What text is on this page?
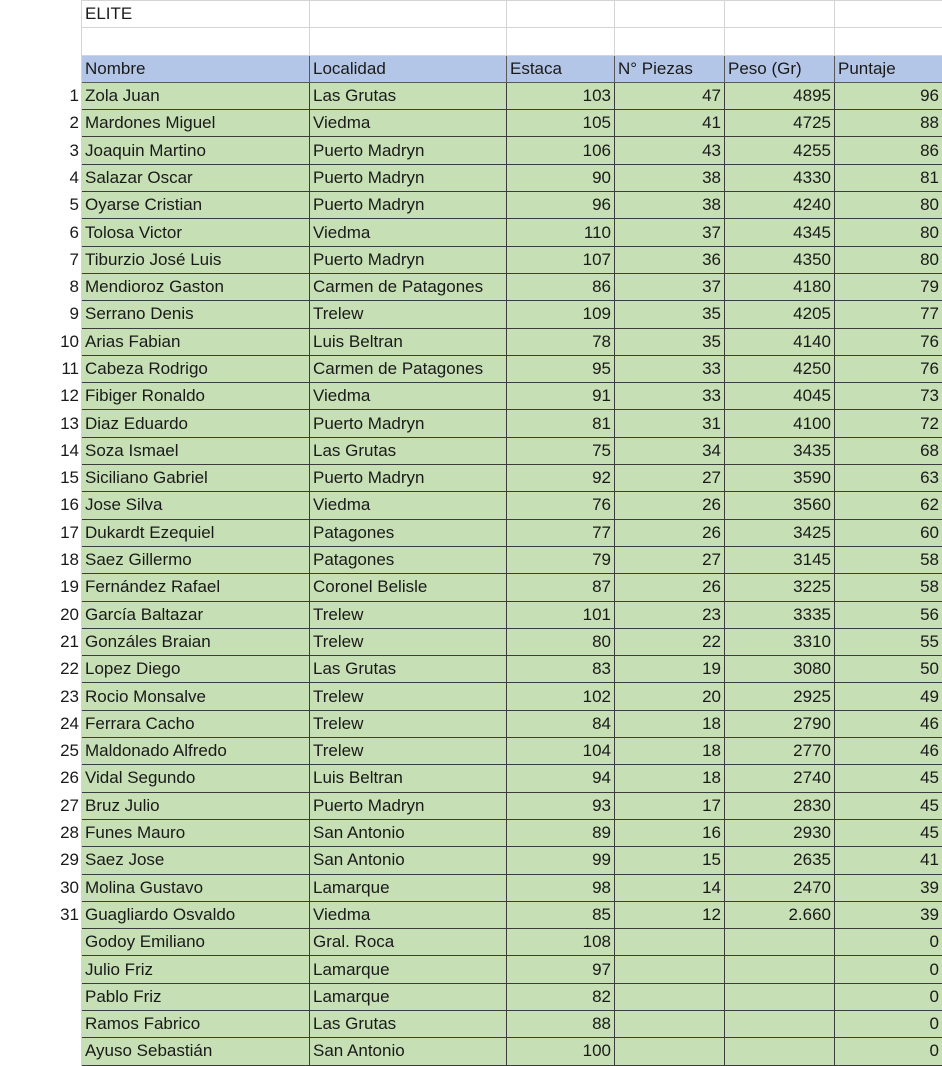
	ELITE					

	Nombre	Localidad	Estaca	N° Piezas	Peso (Gr)	Puntaje
1	Zola Juan	Las Grutas	103	47	4895	96
2	Mardones Miguel	Viedma	105	41	4725	88
3	Joaquin Martino	Puerto Madryn	106	43	4255	86
4	Salazar Oscar	Puerto Madryn	90	38	4330	81
5	Oyarse Cristian	Puerto Madryn	96	38	4240	80
6	Tolosa Victor	Viedma	110	37	4345	80
7	Tiburzio José Luis	Puerto Madryn	107	36	4350	80
8	Mendioroz Gaston	Carmen de Patagones	86	37	4180	79
9	Serrano Denis	Trelew	109	35	4205	77
10	Arias Fabian	Luis Beltran	78	35	4140	76
11	Cabeza Rodrigo	Carmen de Patagones	95	33	4250	76
12	Fibiger Ronaldo	Viedma	91	33	4045	73
13	Diaz Eduardo	Puerto Madryn	81	31	4100	72
14	Soza Ismael	Las Grutas	75	34	3435	68
15	Siciliano Gabriel	Puerto Madryn	92	27	3590	63
16	Jose Silva	Viedma	76	26	3560	62
17	Dukardt Ezequiel	Patagones	77	26	3425	60
18	Saez Gillermo	Patagones	79	27	3145	58
19	Fernández Rafael	Coronel Belisle	87	26	3225	58
20	García Baltazar	Trelew	101	23	3335	56
21	Gonzáles Braian	Trelew	80	22	3310	55
22	Lopez Diego	Las Grutas	83	19	3080	50
23	Rocio Monsalve	Trelew	102	20	2925	49
24	Ferrara Cacho	Trelew	84	18	2790	46
25	Maldonado Alfredo	Trelew	104	18	2770	46
26	Vidal Segundo	Luis Beltran	94	18	2740	45
27	Bruz Julio	Puerto Madryn	93	17	2830	45
28	Funes Mauro	San Antonio	89	16	2930	45
29	Saez Jose	San Antonio	99	15	2635	41
30	Molina Gustavo	Lamarque	98	14	2470	39
31	Guagliardo Osvaldo	Viedma	85	12	2.660	39
	Godoy Emiliano	Gral. Roca	108			0
	Julio Friz	Lamarque	97			0
	Pablo Friz	Lamarque	82			0
	Ramos Fabrico	Las Grutas	88			0
	Ayuso Sebastián	San Antonio	100			0
